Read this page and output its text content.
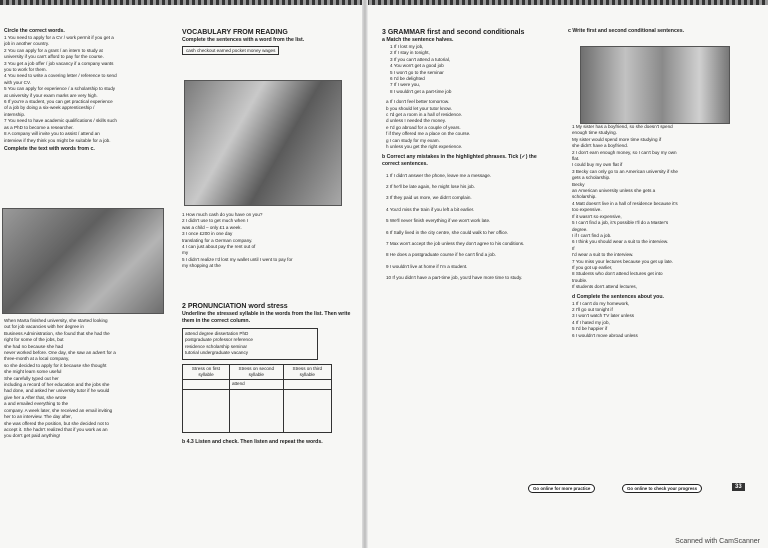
Circle the correct words.
1 You need to apply for a CV / work permit if you get a
job in another country.
2 You can apply for a grant / an intern to study at
university if you can't afford to pay for the course.
3 You get a job offer / job vacancy if a company wants
you to work for them.
4 You need to write a covering letter / reference to send
with your CV.
5 You can apply for experience / a scholarship to study
at university if your exam marks are very high.
6 If you're a student, you can get practical experience
of a job by doing a six-week apprenticeship /
internship.
7 You need to have academic qualifications / skills such
as a PhD to become a researcher.
8 A company will invite you to assist / attend an
interview if they think you might be suitable for a job.
Complete the text with words from c.
When Marta finished university, she started looking
out for job vacancies with her degree in
Business Administration, she found that she had the
right for some of the jobs, but
she had no because she had
never worked before. One day, she saw an advert for a
three-month at a local company,
so she decided to apply for it because she thought
she might learn some useful
She carefully typed out her
including a record of her education and the jobs she
had done, and asked her university tutor if he would
give her a After that, she wrote
a and emailed everything to the
company. A week later, she received an email inviting
her to an interview. The day after,
she was offered the position, but she decided not to
accept it. She hadn't realized that if you work as an
you don't get paid anything!
VOCABULARY FROM READING
Complete the sentences with a word from the list.
cash checkout earned pocket money wages
1 How much cash do you have on you?
2 I didn't use to get much when I
was a child – only £1 a week.
3 I once £200 in one day
translating for a German company.
4 I can just about pay the rent out of
my
5 I didn't realize I'd lost my wallet until I went to pay for
my shopping at the
2 PRONUNCIATION word stress
Underline the stressed syllable in the words from the list. Then write them in the correct column.
attend degree dissertation PhD
postgraduate professor reference
residence scholarship seminar
tutorial undergraduate vacancy
Stress on first syllable	Stress on second syllable	Stress on third syllable
	attend	

b 4.3 Listen and check. Then listen and repeat the words.
3 GRAMMAR first and second conditionals
a Match the sentence halves.
1 If I lost my job,
2 If I stay in tonight,
3 If you can't attend a tutorial,
4 You won't get a good job
5 I won't go to the seminar
6 I'd be delighted
7 If I were you,
8 I wouldn't get a part-time job
a If I don't feel better tomorrow.
b you should let your tutor know.
c I'd get a room in a hall of residence.
d unless I needed the money.
e I'd go abroad for a couple of years.
f if they offered me a place on the course.
g I can study for my exam.
h unless you get the right experience.
b Correct any mistakes in the highlighted phrases. Tick (✓) the correct sentences.
1 If I didn't answer the phone, leave me a message.
2 If he'll be late again, he might lose his job.
3 If they paid us more, we didn't complain.
4 You'd miss the train if you left a bit earlier.
5 We'll never finish everything if we won't work late.
6 If Sally lived in the city centre, she could walk to her office.
7 Max won't accept the job unless they don't agree to his conditions.
8 He does a postgraduate course if he can't find a job.
9 I wouldn't live at home if I'm a student.
10 If you didn't have a part-time job, you'd have more time to study.
c Write first and second conditional sentences.
1 My sister has a boyfriend, so she doesn't spend
enough time studying.
My sister would spend more time studying if
she didn't have a boyfriend.
2 I don't earn enough money, so I can't buy my own
flat.
I could buy my own flat if
3 Becky can only go to an American university if she
gets a scholarship.
Becky
an American university unless she gets a
scholarship.
4 Matt doesn't live in a hall of residence because it's
too expensive.
If it wasn't so expensive,
5 I can't find a job, it's possible I'll do a Master's
degree.
I if I can't find a job.
6 I think you should wear a suit to the interview.
If
I'd wear a suit to the interview.
7 You miss your lectures because you get up late.
If you got up earlier,
8 Students who don't attend lectures get into
trouble.
If students don't attend lectures,
d Complete the sentences about you.
1 If I can't do my homework,
2 I'll go out tonight if
3 I won't watch TV later unless
4 If I hated my job,
5 I'd be happier if
6 I wouldn't move abroad unless
Go online for more practice	Go online to check your progress	33
Scanned with CamScanner
